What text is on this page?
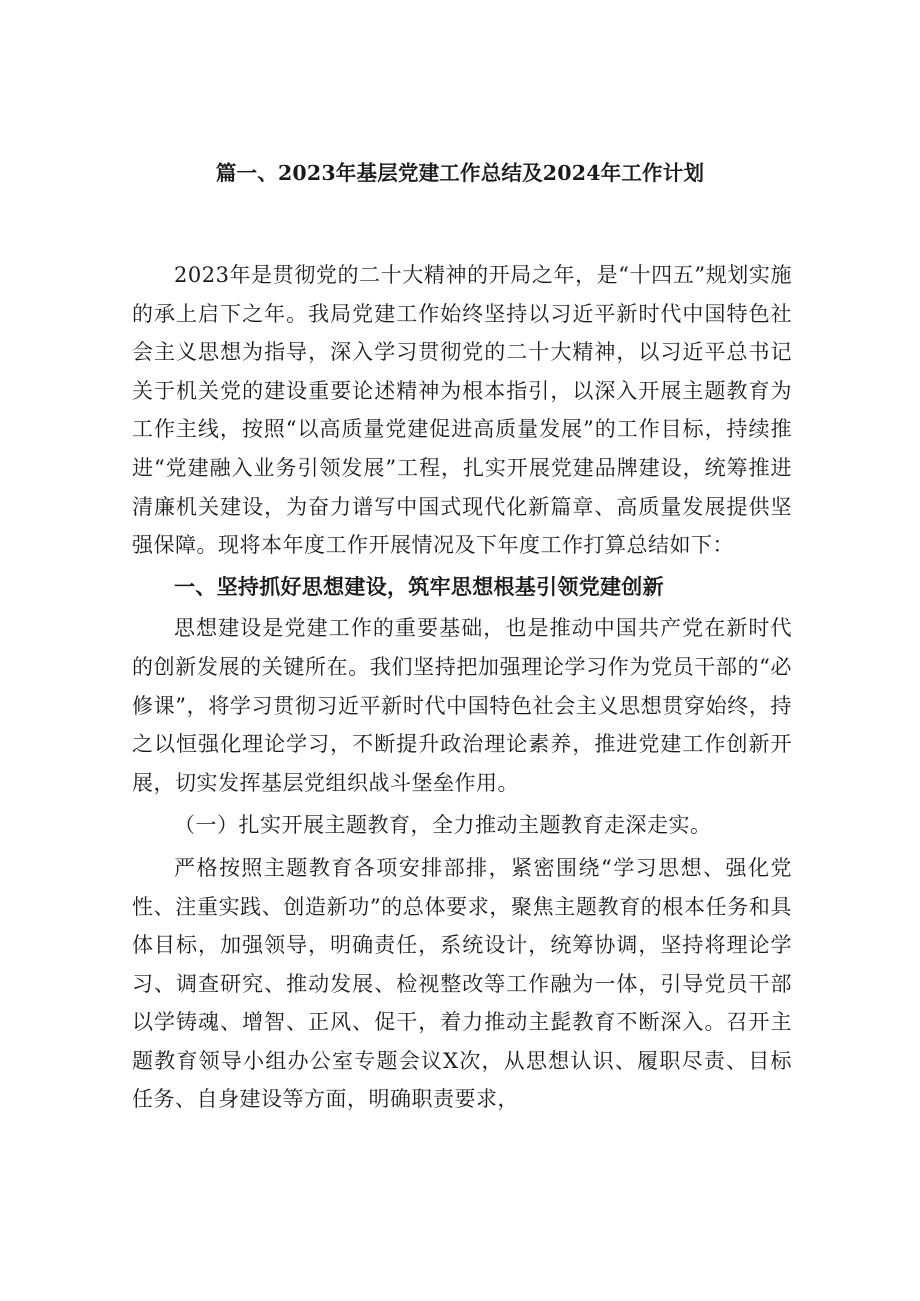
篇一、2023年基层党建工作总结及2024年工作计划

2023年是贯彻党的二十大精神的开局之年，是“十四五”规划实施的承上启下之年。我局党建工作始终坚持以习近平新时代中国特色社会主义思想为指导，深入学习贯彻党的二十大精神，以习近平总书记关于机关党的建设重要论述精神为根本指引，以深入开展主题教育为工作主线，按照“以高质量党建促进高质量发展”的工作目标，持续推进“党建融入业务引领发展”工程，扎实开展党建品牌建设，统筹推进清廉机关建设，为奋力谱写中国式现代化新篇章、高质量发展提供坚强保障。现将本年度工作开展情况及下年度工作打算总结如下：

一、坚持抓好思想建设，筑牢思想根基引领党建创新

思想建设是党建工作的重要基础，也是推动中国共产党在新时代的创新发展的关键所在。我们坚持把加强理论学习作为党员干部的“必修课”，将学习贯彻习近平新时代中国特色社会主义思想贯穿始终，持之以恒强化理论学习，不断提升政治理论素养，推进党建工作创新开展，切实发挥基层党组织战斗堡垒作用。

（一）扎实开展主题教育，全力推动主题教育走深走实。

严格按照主题教育各项安排部排，紧密围绕“学习思想、强化党性、注重实践、创造新功”的总体要求，聚焦主题教育的根本任务和具体目标，加强领导，明确责任，系统设计，统筹协调，坚持将理论学习、调查研究、推动发展、检视整改等工作融为一体，引导党员干部以学铸魂、增智、正风、促干，着力推动主髭教育不断深入。召开主题教育领导小组办公室专题会议X次，从思想认识、履职尽责、目标任务、自身建设等方面，明确职责要求，
